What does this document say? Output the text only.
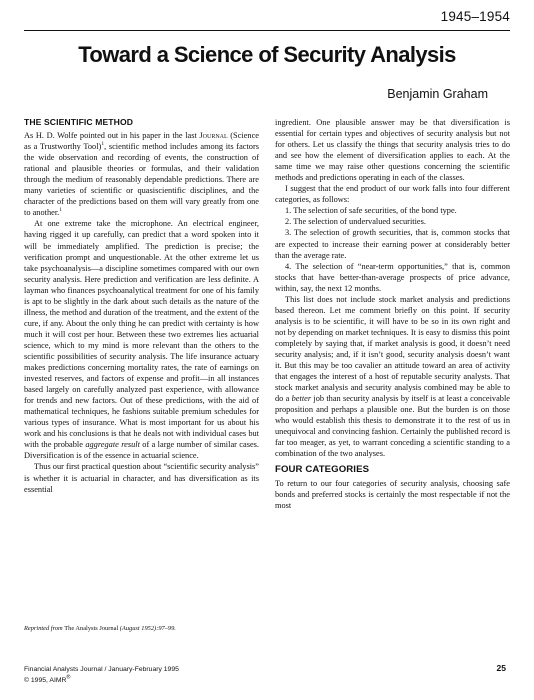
1945–1954
Toward a Science of Security Analysis
Benjamin Graham
THE SCIENTIFIC METHOD

As H. D. Wolfe pointed out in his paper in the last Journal (Science as a Trustworthy Tool)$^1$, scientific method includes among its factors the wide observation and recording of events, the construction of rational and plausible theories or formulas, and their validation through the medium of reasonably dependable predictions. There are many varieties of scientific or quasiscientific disciplines, and the character of the predictions based on them will vary greatly from one to another.$^1$

At one extreme take the microphone. An electrical engineer, having rigged it up carefully, can predict that a word spoken into it will be immediately amplified. The prediction is precise; the verification prompt and unquestionable. At the other extreme let us take psychoanalysis—a discipline sometimes compared with our own security analysis. Here prediction and verification are less definite. A layman who finances psychoanalytical treatment for one of his family is apt to be slightly in the dark about such details as the nature of the illness, the method and duration of the treatment, and the extent of the cure, if any. About the only thing he can predict with certainty is how much it will cost per hour. Between these two extremes lies actuarial science, which to my mind is more relevant than the others to the scientific possibilities of security analysis. The life insurance actuary makes predictions concerning mortality rates, the rate of earnings on invested reserves, and factors of expense and profit—in all instances based largely on carefully analyzed past experience, with allowance for trends and new factors. Out of these predictions, with the aid of mathematical techniques, he fashions suitable premium schedules for various types of insurance. What is most important for us about his work and his conclusions is that he deals not with individual cases but with the probable aggregate result of a large number of similar cases. Diversification is of the essence in actuarial science.

Thus our first practical question about “scientific security analysis” is whether it is actuarial in character, and has diversification as its essential

ingredient. One plausible answer may be that diversification is essential for certain types and objectives of security analysis but not for others. Let us classify the things that security analysis tries to do and see how the element of diversification applies to each. At the same time we may raise other questions concerning the scientific methods and predictions operating in each of the classes.

I suggest that the end product of our work falls into four different categories, as follows:

1. The selection of safe securities, of the bond type.

2. The selection of undervalued securities.

3. The selection of growth securities, that is, common stocks that are expected to increase their earning power at considerably better than the average rate.

4. The selection of “near-term opportunities,” that is, common stocks that have better-than-average prospects of price advance, within, say, the next 12 months.

This list does not include stock market analysis and predictions based thereon. Let me comment briefly on this point. If security analysis is to be scientific, it will have to be so in its own right and not by depending on market techniques. It is easy to dismiss this point completely by saying that, if market analysis is good, it doesn’t need security analysis; and, if it isn’t good, security analysis doesn’t want it. But this may be too cavalier an attitude toward an area of activity that engages the interest of a host of reputable security analysts. That stock market analysis and security analysis combined may be able to do a better job than security analysis by itself is at least a conceivable proposition and perhaps a plausible one. But the burden is on those who would establish this thesis to demonstrate it to the rest of us in unequivocal and convincing fashion. Certainly the published record is far too meager, as yet, to warrant conceding a scientific standing to a combination of the two analyses.

FOUR CATEGORIES

To return to our four categories of security analysis, choosing safe bonds and preferred stocks is certainly the most respectable if not the most

Reprinted from The Analysts Journal (August 1952):97–99.

Financial Analysts Journal / January-February 1995
© 1995, AIMR®
25
